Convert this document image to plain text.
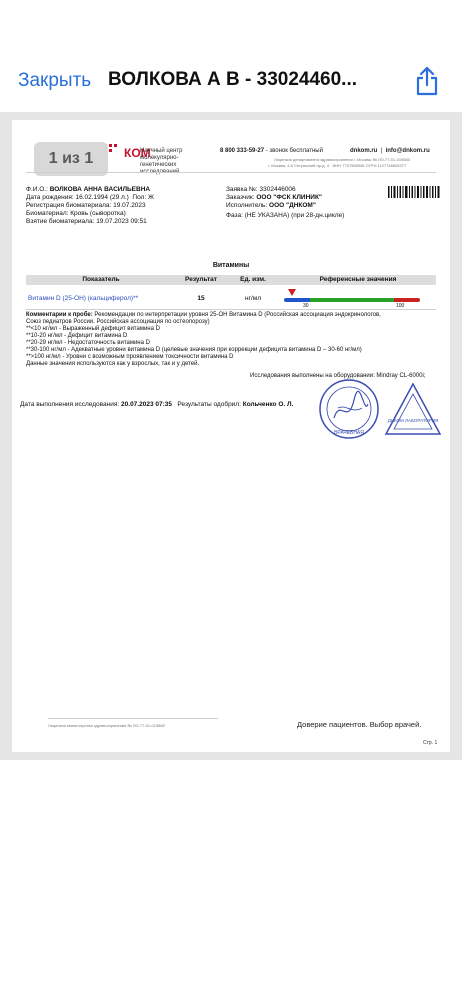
Закрыть ВОЛКОВА А В - 33024460...
КОМ
Научный центр молекулярно-генетических
8 800 333-59-27 - звонок бесплатный	dnkom.ru  |  info@dnkom.ru
Лицензия департамента здравоохранения г. Москвы № ЛО-77-01-019880
г. Москва, 4-й Сетуньский пр-д, 4 · ИНН 7707588096 ОГРН 1127746609377
1 из 1
Ф.И.О.: ВОЛКОВА АННА ВАСИЛЬЕВНА
Дата рождения: 16.02.1994 (29 л.) Пол: Ж
Регистрация биоматериала: 19.07.2023
Биоматериал: Кровь (сыворотка)
Взятие биоматериала: 19.07.2023 09:51
Заявка №: 3302446006
Заказчик: ООО "ФСК КЛИНИК"
Исполнитель: ООО "ДНКОМ"
Фаза: (НЕ УКАЗАНА) (при 28-дн.цикле)
Витамины
Показатель	Результат	Ед. изм.	Референсные значения
Витамин D (25-ОН) (кальциферол)**	15	нг/мл
30	100
Комментарии к пробе: Рекомендации по интерпретации уровня 25-ОН Витамина D (Российская ассоциация эндокринологов,
Союз педиатров России, Российская ассоциация по остеопорозу)
**<10 нг/мл - Выраженный дефицит витамина D
**10-20 нг/мл - Дефицит витамина D
**20-29 нг/мл - Недостаточность витамина D
**30-100 нг/мл - Адекватные уровни витамина D (целевые значения при коррекции дефицита витамина D – 30-60 нг/мл)
**>100 нг/мл - Уровни с возможным проявлением токсичности витамина D
Данные значения используются как у взрослых, так и у детей.
Исследования выполнены на оборудовании: Mindray CL-6000i;
Дата выполнения исследования: 20.07.2023 07:35 Результаты одобрил: Кольченко О. Л.
ВРАЧЕБНАЯ
ДНКОМ ЛАБОРАТОРИЯ
Лицензия министерства здравоохранения № ЛО-77-01-019880	Доверие пациентов. Выбор врачей.
Стр. 1
